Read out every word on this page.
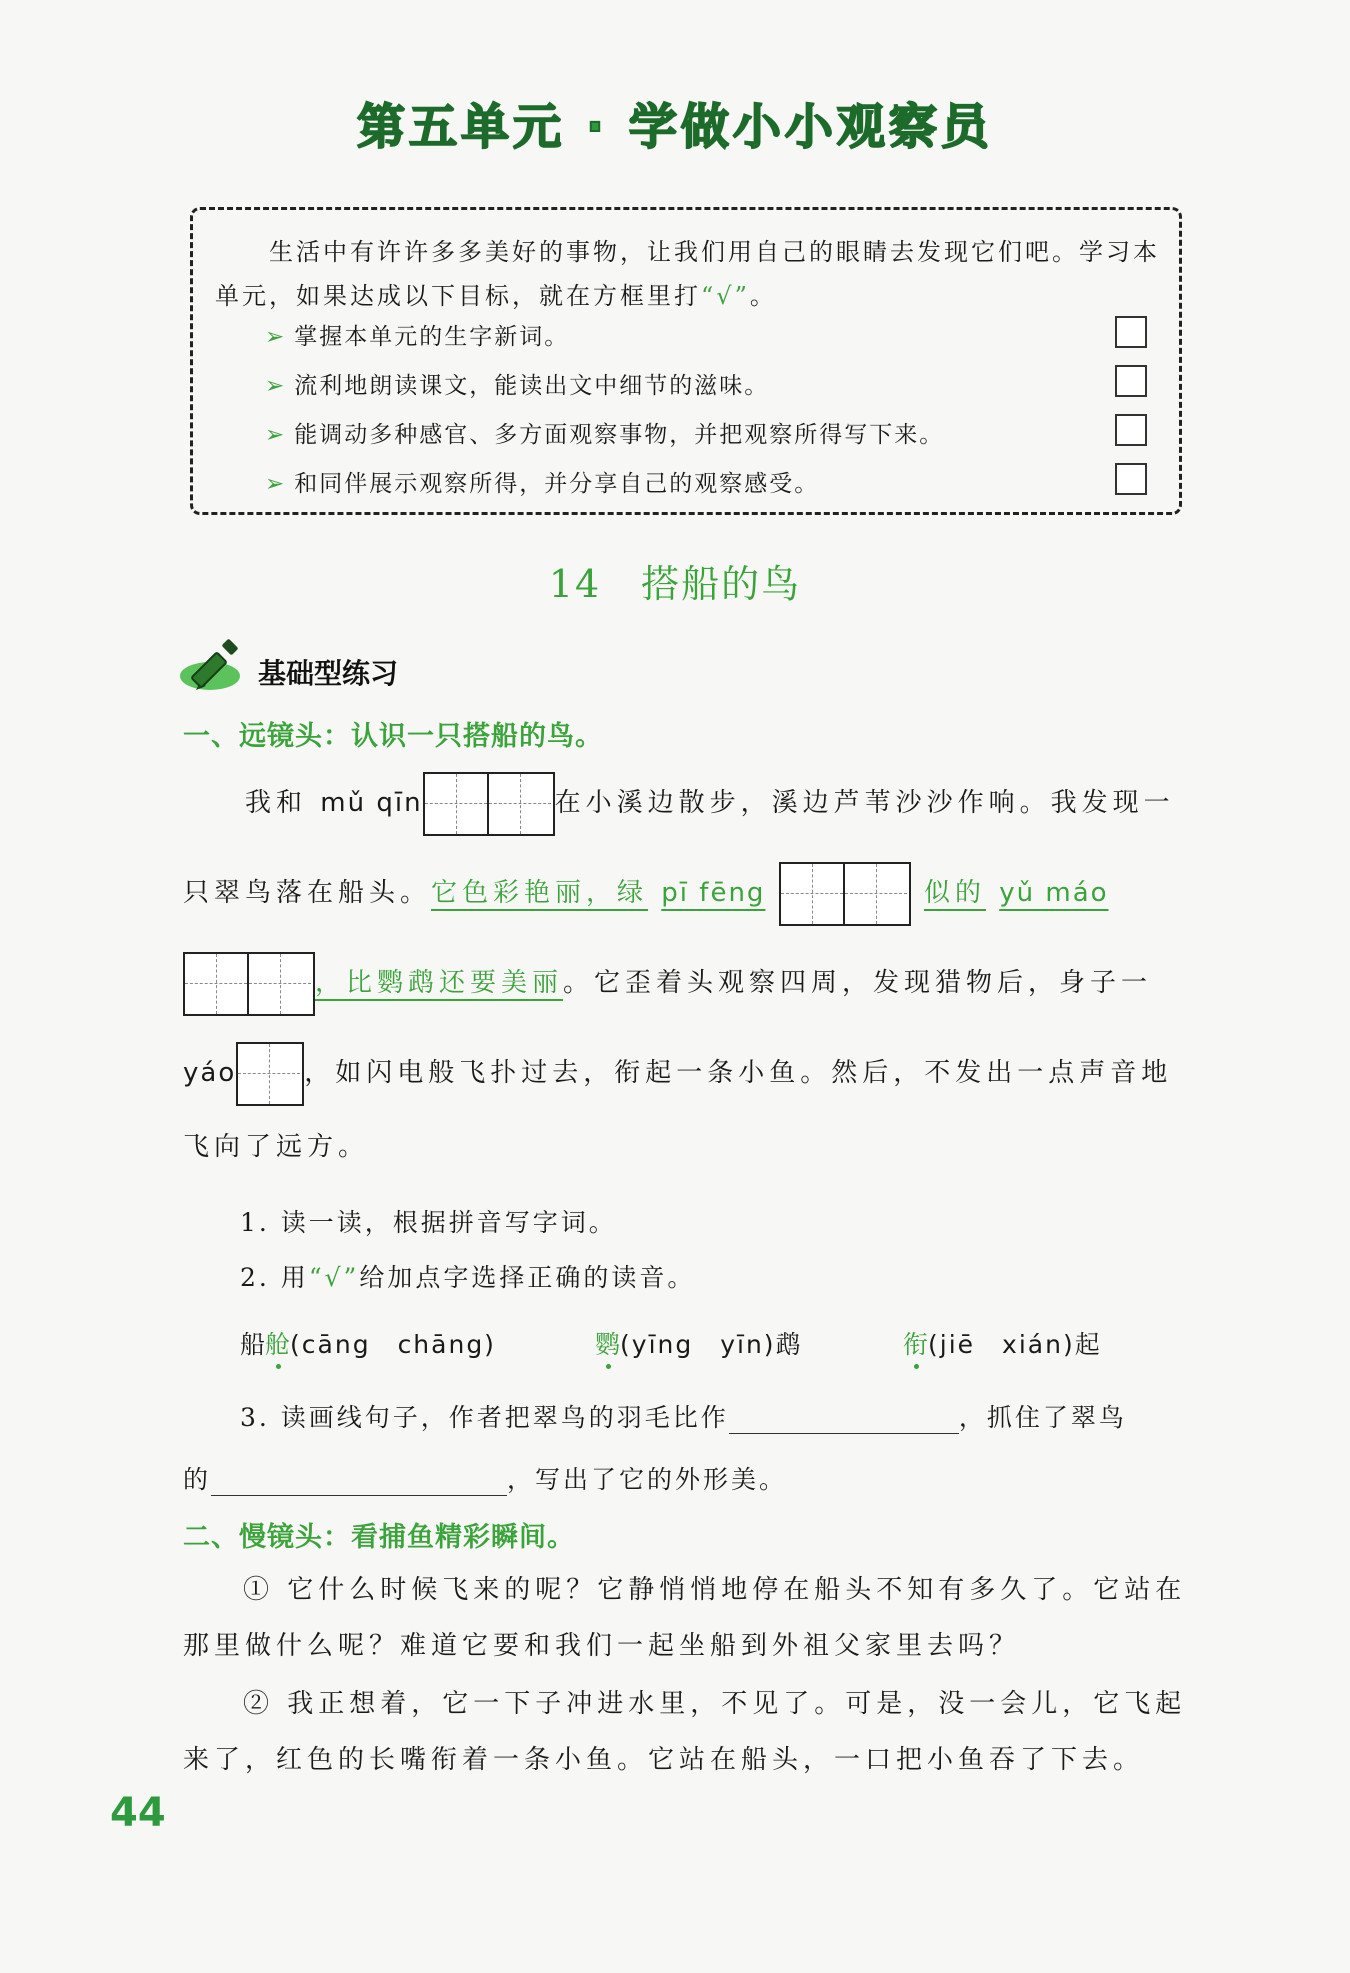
第五单元 · 学做小小观察员
生活中有许许多多美好的事物，让我们用自己的眼睛去发现它们吧。学习本单元，如果达成以下目标，就在方框里打“√”。
➢ 掌握本单元的生字新词。
➢ 流利地朗读课文，能读出文中细节的滋味。
➢ 能调动多种感官、多方面观察事物，并把观察所得写下来。
➢ 和同伴展示观察所得，并分享自己的观察感受。
14　搭船的鸟
基础型练习
一、远镜头：认识一只搭船的鸟。
我和 mǔ qīn	在小溪边散步，溪边芦苇沙沙作响。我发现一
只翠鸟落在船头。它色彩艳丽，绿 pī fēng	似的 yǔ máo
，比鹦鹉还要美丽。它歪着头观察四周，发现猎物后，身子一
yáo	，如闪电般飞扑过去，衔起一条小鱼。然后，不发出一点声音地
飞向了远方。
1. 读一读，根据拼音写字词。
2. 用“√”给加点字选择正确的读音。
船舱(cāng　chāng)	鹦(yīng　yīn)鹉	衔(jiē　xián)起
3. 读画线句子，作者把翠鸟的羽毛比作	，抓住了翠鸟
的	，写出了它的外形美。
二、慢镜头：看捕鱼精彩瞬间。
① 它什么时候飞来的呢？它静悄悄地停在船头不知有多久了。它站在那里做什么呢？难道它要和我们一起坐船到外祖父家里去吗？
② 我正想着，它一下子冲进水里，不见了。可是，没一会儿，它飞起来了，红色的长嘴衔着一条小鱼。它站在船头，一口把小鱼吞了下去。
44
